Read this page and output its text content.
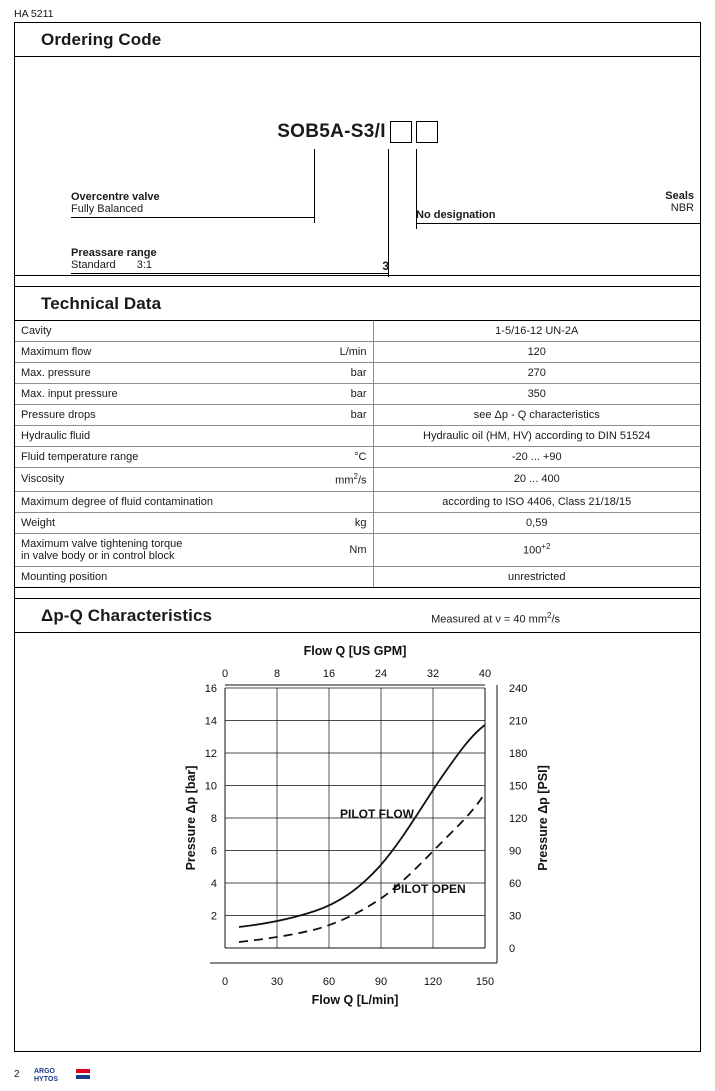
HA 5211
Ordering Code
SOB5A-S3/I
Overcentre valve
Fully Balanced
Preassare range
Standard 3:1	3
No designation
Seals
NBR
Technical Data
Cavity		1-5/16-12 UN-2A
Maximum flow	L/min	120
Max. pressure	bar	270
Max. input pressure	bar	350
Pressure drops	bar	see Δp - Q characteristics
Hydraulic fluid		Hydraulic oil (HM, HV) according to DIN 51524
Fluid temperature range	°C	-20 ... +90
Viscosity	$mm^2/s$	20 ... 400
Maximum degree of fluid contamination		according to ISO 4406, Class 21/18/15
Weight	kg	0,59

Maximum valve tightening torque
in valve body or in control block	Nm	$100^{+2}$
Mounting position		unrestricted
Δp-Q Characteristics	Measured at ν = 40 $mm^2/s$
Flow Q [US GPM]
0	8	16	24	32	40
16
14
12
10
8
6
4
2
240
210
180
150
120
90
60
30
0
0	30	60	90	120	150
Flow Q [L/min]
Pressure Δp [bar]	Pressure Δp [PSI]
PILOT FLOW
PILOT OPEN
2 ARGO
HYTOS
